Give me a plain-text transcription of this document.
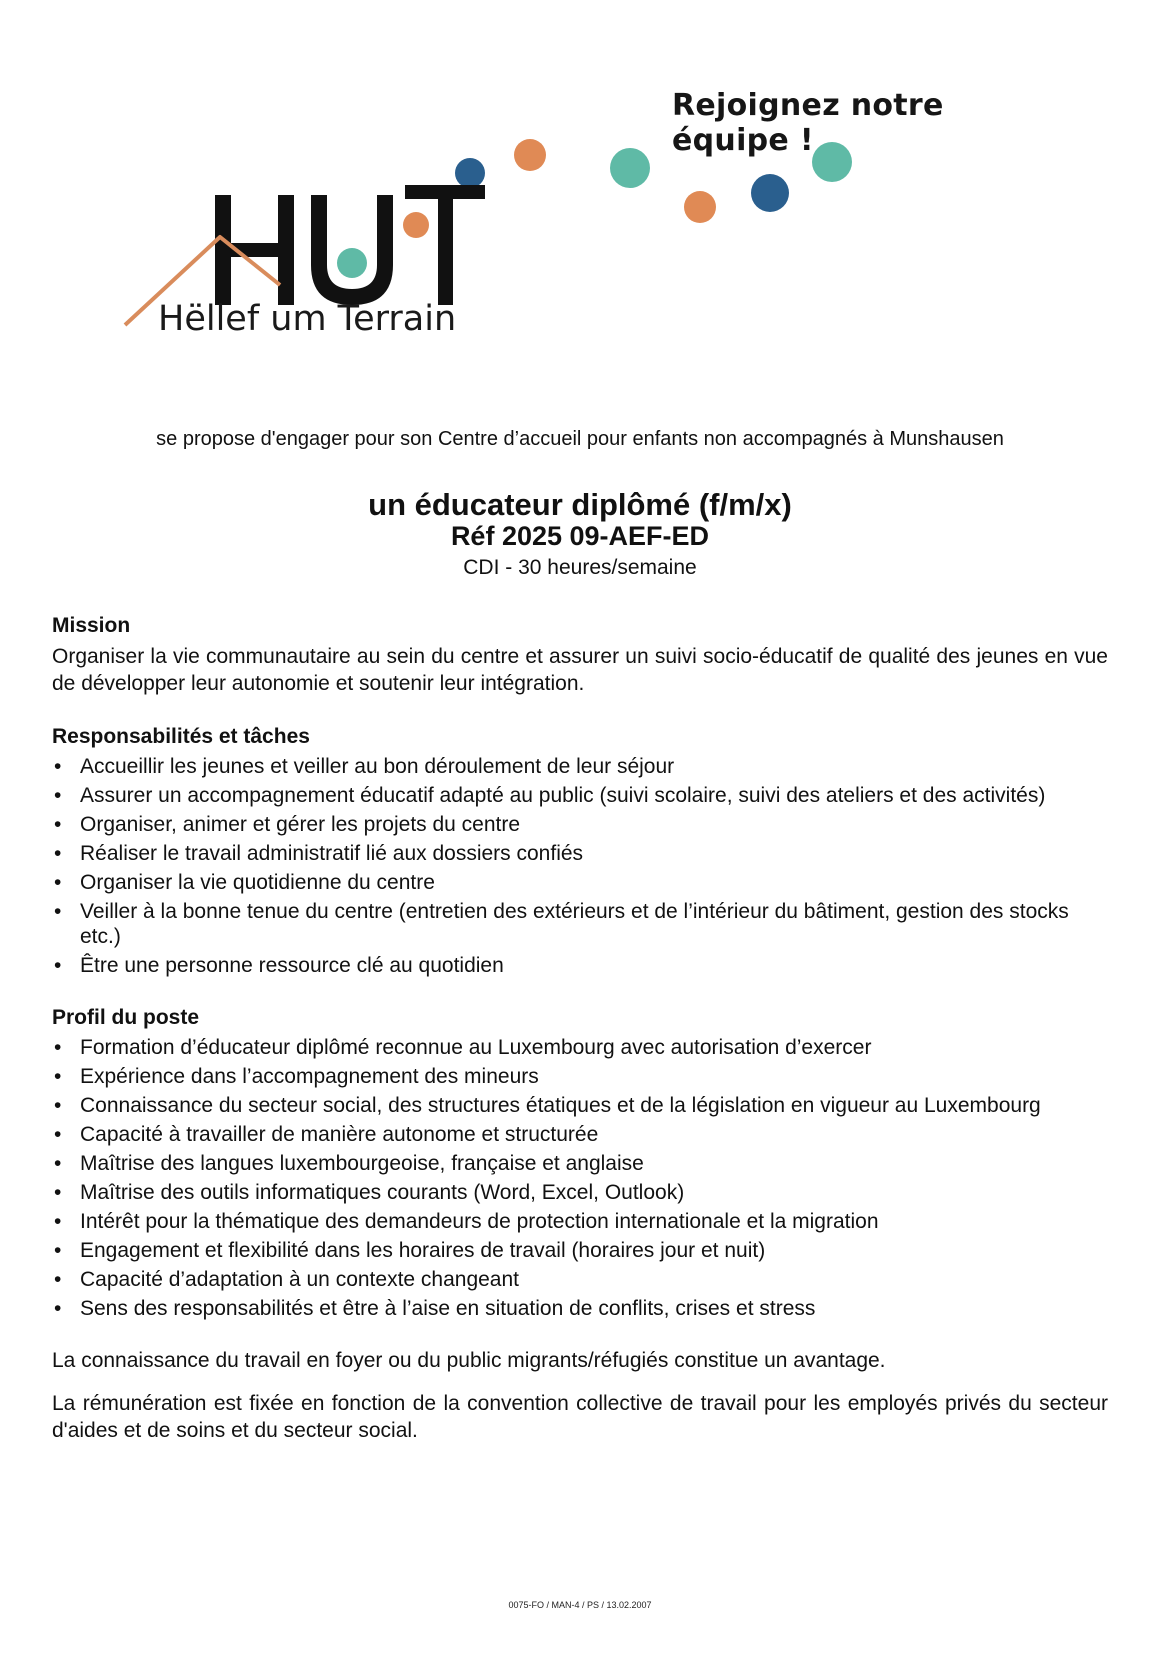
Rejoignez notre équipe !
Hëllef um Terrain
se propose d'engager pour son Centre d’accueil pour enfants non accompagnés à Munshausen
un éducateur diplômé (f/m/x)
Réf 2025 09-AEF-ED
CDI - 30 heures/semaine

Mission

Organiser la vie communautaire au sein du centre et assurer un suivi socio-éducatif de qualité des jeunes en vue de développer leur autonomie et soutenir leur intégration.

Responsabilités et tâches

• Accueillir les jeunes et veiller au bon déroulement de leur séjour
• Assurer un accompagnement éducatif adapté au public (suivi scolaire, suivi des ateliers et des activités)
• Organiser, animer et gérer les projets du centre
• Réaliser le travail administratif lié aux dossiers confiés
• Organiser la vie quotidienne du centre
• Veiller à la bonne tenue du centre (entretien des extérieurs et de l’intérieur du bâtiment, gestion des stocks etc.)
• Être une personne ressource clé au quotidien

Profil du poste

• Formation d’éducateur diplômé reconnue au Luxembourg avec autorisation d’exercer
• Expérience dans l’accompagnement des mineurs
• Connaissance du secteur social, des structures étatiques et de la législation en vigueur au Luxembourg
• Capacité à travailler de manière autonome et structurée
• Maîtrise des langues luxembourgeoise, française et anglaise
• Maîtrise des outils informatiques courants (Word, Excel, Outlook)
• Intérêt pour la thématique des demandeurs de protection internationale et la migration
• Engagement et flexibilité dans les horaires de travail (horaires jour et nuit)
• Capacité d’adaptation à un contexte changeant
• Sens des responsabilités et être à l’aise en situation de conflits, crises et stress

La connaissance du travail en foyer ou du public migrants/réfugiés constitue un avantage.

La rémunération est fixée en fonction de la convention collective de travail pour les employés privés du secteur d'aides et de soins et du secteur social.

0075-FO / MAN-4 / PS / 13.02.2007
